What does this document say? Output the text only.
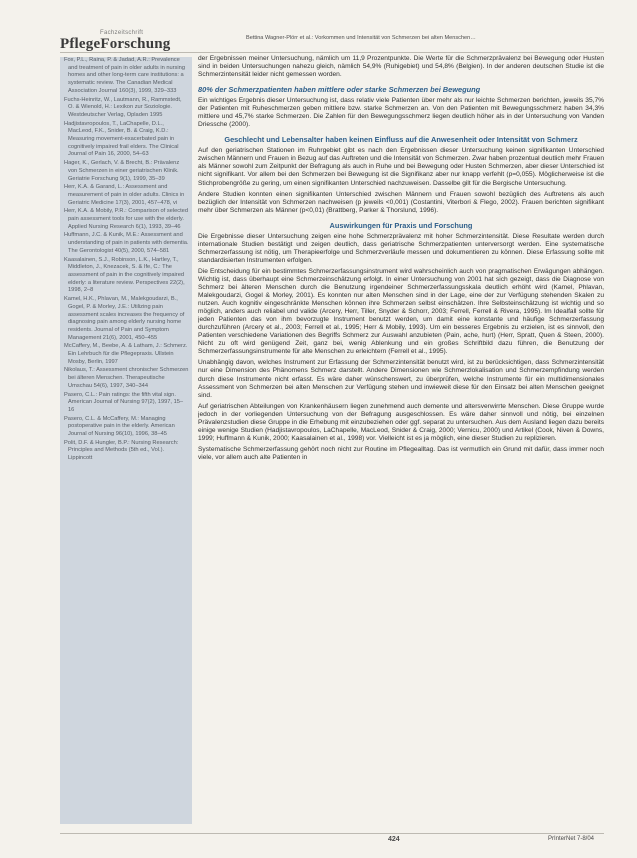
Fachzeitschrift
PflegeForschung	Bettina Wagner-Plörr et al.: Vorkommen und Intensität von Schmerzen bei alten Menschen…
Fox, P.L., Raina, P. & Jadad, A.R.: Prevalence and treatment of pain in older adults in nursing homes and other long-term care institutions: a systematic review. The Canadian Medical Association Journal 160(3), 1999, 329–333
Fuchs-Heinritz, W., Lautmann, R., Rammstedt, O. & Wienold, H.: Lexikon zur Soziologie. Westdeutscher Verlag, Opladen 1995
Hadjistavropoulos, T., LaChapelle, D.L., MacLeod, F.K., Snider, B. & Craig, K.D.: Measuring movement-exacerbated pain in cognitively impaired frail elders. The Clinical Journal of Pain 16, 2000, 54–63
Hager, K., Gerlach, V. & Brecht, B.: Prävalenz von Schmerzen in einer geriatrischen Klinik. Geriatrie Forschung 9(1), 1999, 35–39
Herr, K.A. & Garand, L.: Assessment and measurement of pain in older adults. Clinics in Geriatric Medicine 17(3), 2001, 457–478, vi
Herr, K.A. & Mobily, P.R.: Comparison of selected pain assessment tools for use with the elderly. Applied Nursing Research 6(1), 1993, 39–46
Huffmann, J.C. & Kunik, M.E.: Assessment and understanding of pain in patients with dementia. The Gerontologist 40(5), 2000, 574–581
Kaasalainen, S.J., Robinson, L.K., Hartley, T., Middleton, J., Knezacek, S. & Ife, C.: The assessment of pain in the cognitively impaired elderly: a literature review. Perspectives 22(2), 1998, 2–8
Kamel, H.K., Phlavan, M., Malekgoudarzi, B., Gogel, P. & Morley, J.E.: Utilizing pain assessment scales increases the frequency of diagnosing pain among elderly nursing home residents. Journal of Pain and Symptom Management 21(6), 2001, 450–455
McCaffery, M., Beebe, A. & Latham, J.: Schmerz. Ein Lehrbuch für die Pflegepraxis. Ullstein Mosby, Berlin, 1997
Nikolaus, T.: Assessment chronischer Schmerzen bei älteren Menschen. Therapeutische Umschau 54(6), 1997, 340–344
Pasero, C.L.: Pain ratings: the fifth vital sign. American Journal of Nursing 97(2), 1997, 15–16
Pasero, C.L. & McCaffery, M.: Managing postoperative pain in the elderly. American Journal of Nursing 96(10), 1996, 38–45
Polit, D.F. & Hungler, B.P.: Nursing Research: Principles and Methods (5th ed., Vol.). Lippincott

der Ergebnissen meiner Untersuchung, nämlich um 11,9 Prozentpunkte. Die Werte für die Schmerzprävalenz bei Bewegung oder Husten sind in beiden Untersuchungen nahezu gleich, nämlich 54,9% (Ruhigebiet) und 54,8% (Belgien). In der anderen deutschen Studie ist die Schmerzintensität leider nicht gemessen worden.

80% der Schmerzpatienten haben mittlere oder starke Schmerzen bei Bewegung

Ein wichtiges Ergebnis dieser Untersuchung ist, dass relativ viele Patienten über mehr als nur leichte Schmerzen berichten, jeweils 35,7% der Patienten mit Ruheschmerzen geben mittlere bzw. starke Schmerzen an. Von den Patienten mit Bewegungsschmerz haben 34,3% mittlere und 45,7% starke Schmerzen. Die Zahlen für den Bewegungsschmerz liegen deutlich höher als in der Untersuchung von Vanden Driessche (2000).

Geschlecht und Lebensalter haben keinen Einfluss auf die Anwesenheit oder Intensität von Schmerz

Auf den geriatrischen Stationen im Ruhrgebiet gibt es nach den Ergebnissen dieser Untersuchung keinen signifikanten Unterschied zwischen Männern und Frauen in Bezug auf das Auftreten und die Intensität von Schmerzen. Zwar haben prozentual deutlich mehr Frauen als Männer sowohl zum Zeitpunkt der Befragung als auch in Ruhe und bei Bewegung oder Husten Schmerzen, aber dieser Unterschied ist nicht signifikant. Vor allem bei den Schmerzen bei Bewegung ist die Signifikanz aber nur knapp verfehlt (p=0,055). Möglicherweise ist die Stichprobengröße zu gering, um einen signifikanten Unterschied nachzuweisen. Dasselbe gilt für die Bergische Untersuchung.

Andere Studien konnten einen signifikanten Unterschied zwischen Männern und Frauen sowohl bezüglich des Auftretens als auch bezüglich der Intensität von Schmerzen nachweisen (p jeweils <0,001) (Costantini, Viterbori & Flego, 2002). Frauen berichten signifikant mehr über Schmerzen als Männer (p<0,01) (Brattberg, Parker & Thorslund, 1996).

Auswirkungen für Praxis und Forschung

Die Ergebnisse dieser Untersuchung zeigen eine hohe Schmerzprävalenz mit hoher Schmerzintensität. Diese Resultate werden durch internationale Studien bestätigt und zeigen deutlich, dass geriatrische Schmerzpatienten unterversorgt werden. Eine systematische Schmerzerfassung ist nötig, um Therapieerfolge und Schmerzverläufe messen und dokumentieren zu können. Diese Erfassung sollte mit standardisierten Instrumenten erfolgen.

Die Entscheidung für ein bestimmtes Schmerzerfassungsinstrument wird wahrscheinlich auch von pragmatischen Erwägungen abhängen. Wichtig ist, dass überhaupt eine Schmerzeinschätzung erfolgt. In einer Untersuchung von 2001 hat sich gezeigt, dass die Diagnose von Schmerz bei älteren Menschen durch die Benutzung irgendeiner Schmerzerfassungsskala deutlich erhöht wird (Kamel, Phlavan, Malekgoudarzi, Gogel & Morley, 2001). Es konnten nur alten Menschen sind in der Lage, eine der zur Verfügung stehenden Skalen zu nutzen. Auch kognitiv eingeschränkte Menschen können ihre Schmerzen selbst einschätzen. Ihre Selbsteinschätzung ist wichtig und so möglich, anders auch reliabel und valide (Arcery, Herr, Tiller, Snyder & Schorr, 2003; Ferrell, Ferrell & Rivera, 1995). Im Idealfall sollte für jeden Patienten das von ihm bevorzugte Instrument benutzt werden, um damit eine konstante und häufige Schmerzerfassung durchzuführen (Arcery et al., 2003; Ferrell et al., 1995; Herr & Mobily, 1993). Um ein besseres Ergebnis zu erzielen, ist es sinnvoll, den Patienten verschiedene Variationen des Begriffs Schmerz zur Auswahl anzubieten (Pain, ache, hurt) (Herr, Spratt, Quen & Steen, 2000). Nicht zu oft wird genügend Zeit, ganz bei, wenig Ablenkung und ein großes Schriftbild dazu führen, die Benutzung der Schmerzerfassungsinstrumente für alte Menschen zu erleichtern (Ferrell et al., 1995).

Unabhängig davon, welches Instrument zur Erfassung der Schmerzintensität benutzt wird, ist zu berücksichtigen, dass Schmerzintensität nur eine Dimension des Phänomens Schmerz darstellt. Andere Dimensionen wie Schmerzlokalisation und Schmerzempfindung werden durch diese Instrumente nicht erfasst. Es wäre daher wünschenswert, zu überprüfen, welche Instrumente für ein multidimensionales Assessment von Schmerzen bei alten Menschen zur Verfügung stehen und inwieweit diese für den Einsatz bei alten Menschen geeignet sind.

Auf geriatrischen Abteilungen von Krankenhäusern liegen zunehmend auch demente und altersverwirrte Menschen. Diese Gruppe wurde jedoch in der vorliegenden Untersuchung von der Befragung ausgeschlossen. Es wäre daher sinnvoll und nötig, bei einzelnen Prävalenzstudien diese Gruppe in die Erhebung mit einzubeziehen oder ggf. separat zu untersuchen. Aus dem Ausland liegen dazu bereits einige wenige Studien (Hadjistavropoulos, LaChapelle, MacLeod, Snider & Craig, 2000; Vernicu, 2000) und Artikel (Cook, Niven & Downs, 1999; Huffmann & Kunik, 2000; Kaasalainen et al., 1998) vor. Vielleicht ist es ja möglich, eine dieser Studien zu replizieren.

Systematische Schmerzerfassung gehört noch nicht zur Routine im Pflegealltag. Das ist vermutlich ein Grund mit dafür, dass immer noch viele, vor allem auch alte Patienten in

424	PrInterNet 7-8/04
